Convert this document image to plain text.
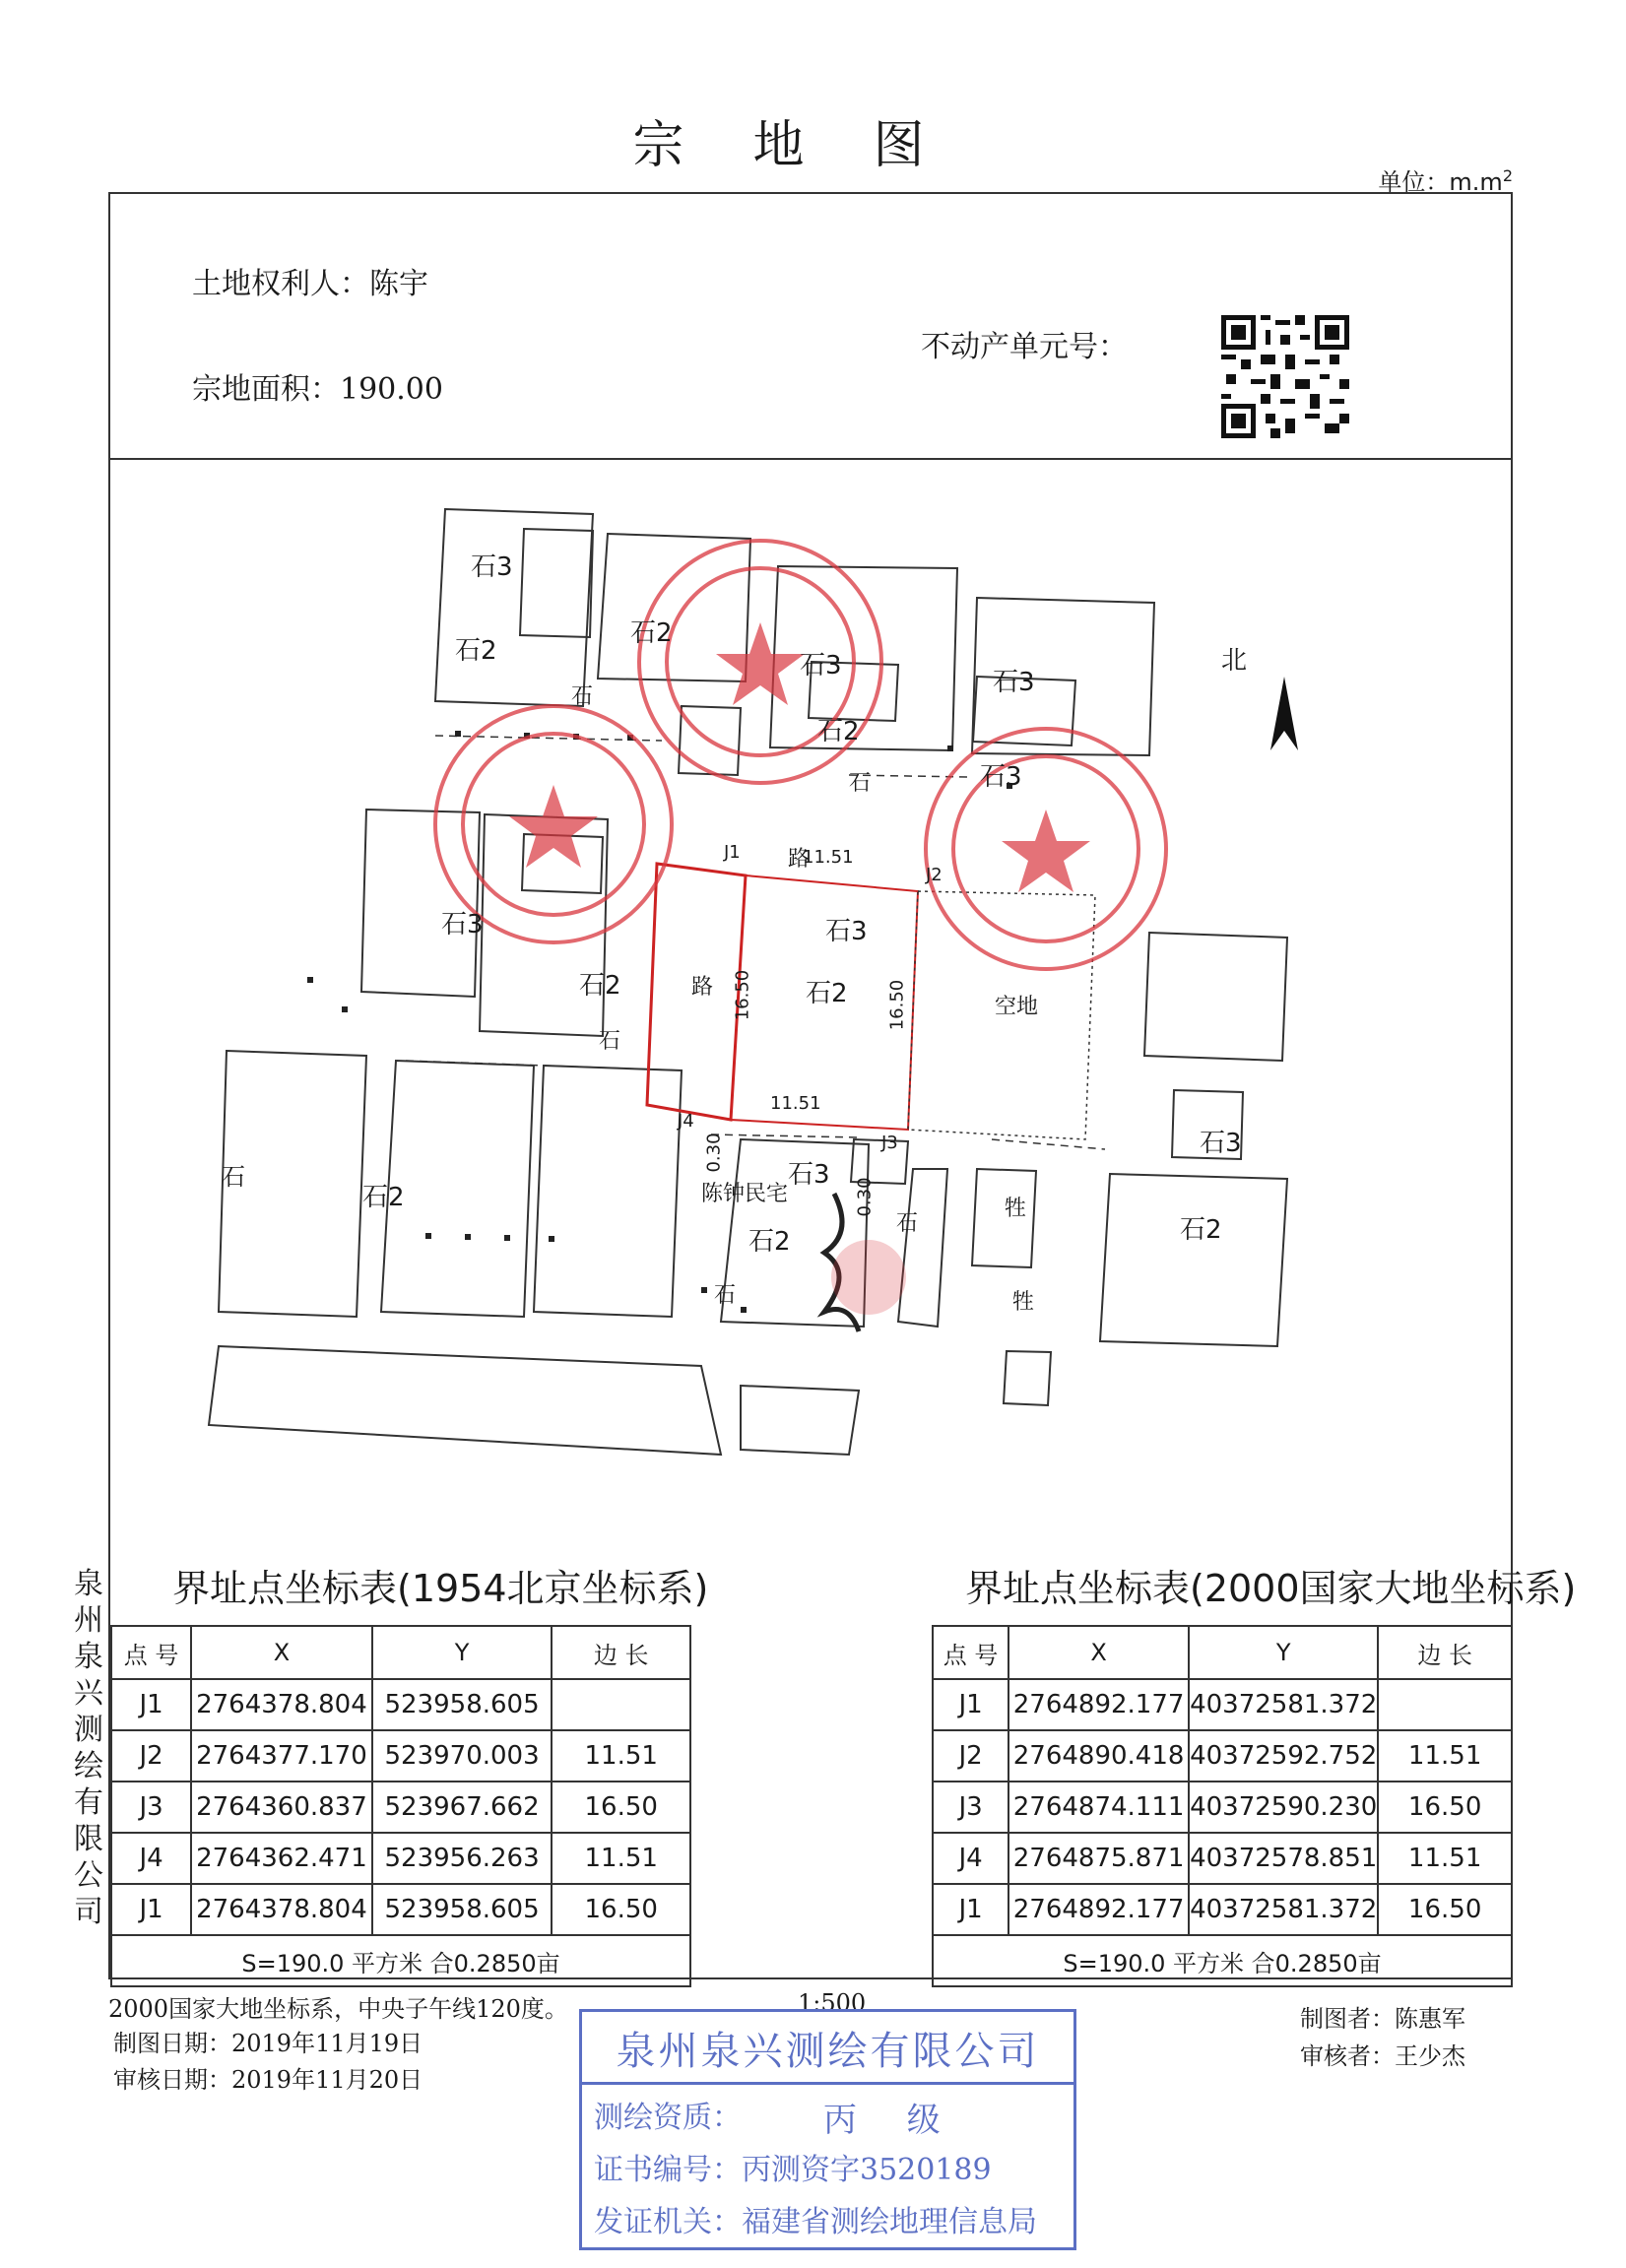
宗地图
单位：$m.m^2$
土地权利人：陈宇
宗地面积：190.00
不动产单元号：
北
石3
石2
石2
石
石3
石2
石3
石3
石
石3
石2
石3
石2
石
石2
石3
石2
石
石
牲
牲
石3
石2
石
路
路
空地
陈钟民宅
J1
J2
J3
J4
11.51
11.51
16.50	16.50
0.30
0.30
泉
州
泉
兴
测
绘
有
限
公
司
界址点坐标表(1954北京坐标系)
点 号	X	Y	边 长
J1	2764378.804	523958.605	
J2	2764377.170	523970.003	11.51
J3	2764360.837	523967.662	16.50
J4	2764362.471	523956.263	11.51
J1	2764378.804	523958.605	16.50
S=190.0 平方米 合0.2850亩			
界址点坐标表(2000国家大地坐标系)
点 号	X	Y	边 长
J1	2764892.177	40372581.372	
J2	2764890.418	40372592.752	11.51
J3	2764874.111	40372590.230	16.50
J4	2764875.871	40372578.851	11.51
J1	2764892.177	40372581.372	16.50
S=190.0 平方米 合0.2850亩			
2000国家大地坐标系，中央子午线120度。	1:500
制图日期：2019年11月19日
审核日期：2019年11月20日
制图者：陈惠军
审核者：王少杰
泉州泉兴测绘有限公司
测绘资质： 丙 级
证书编号：丙测资字3520189
发证机关：福建省测绘地理信息局
